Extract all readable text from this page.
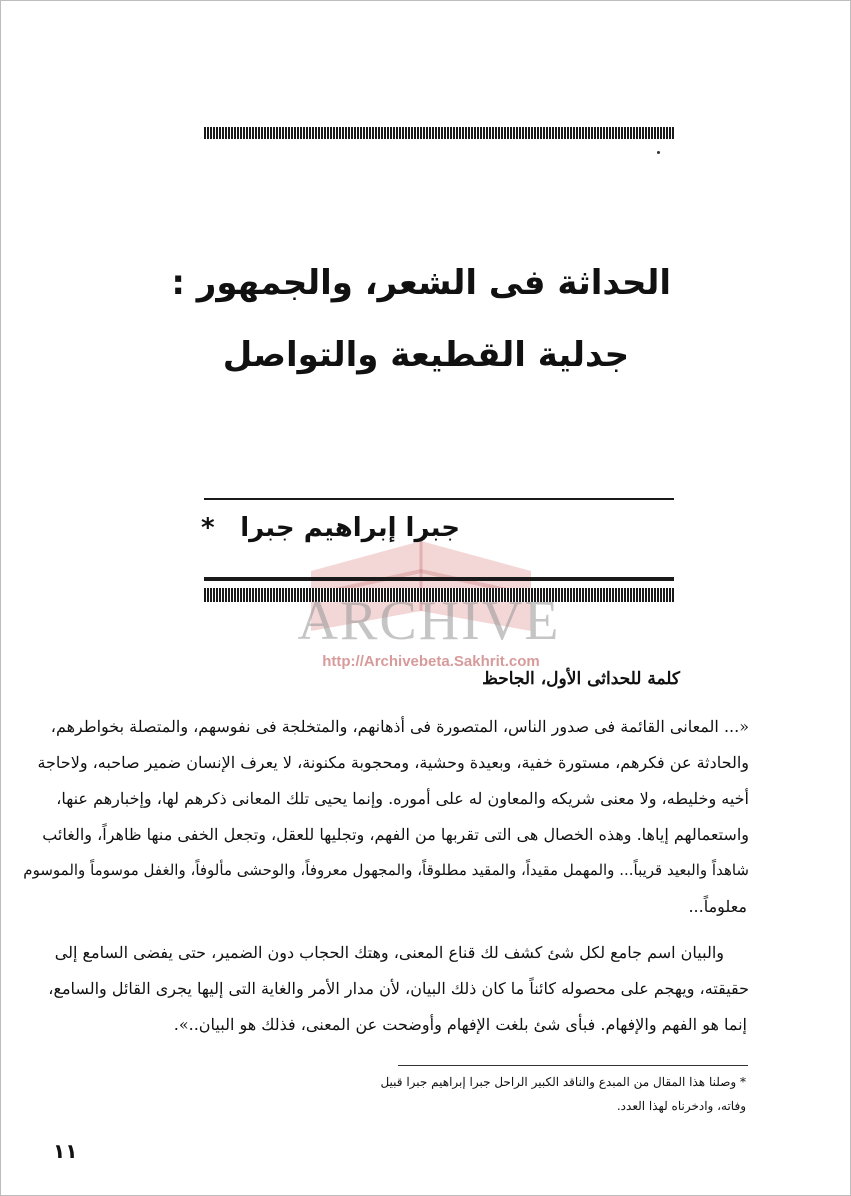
الحداثة فى الشعر، والجمهور :
جدلية القطيعة والتواصل
جبرا إبراهيم جبرا
*
ARCHIVE
http://Archivebeta.Sakhrit.com
كلمة للحداثى الأول، الجاحظ
«... المعانى القائمة فى صدور الناس، المتصورة فى أذهانهم، والمتخلجة فى نفوسهم، والمتصلة بخواطرهم،
والحادثة عن فكرهم، مستورة خفية، وبعيدة وحشية، ومحجوبة مكنونة، لا يعرف الإنسان ضمير صاحبه، ولاحاجة
أخيه وخليطه، ولا معنى شريكه والمعاون له على أموره. وإنما يحيى تلك المعانى ذكرهم لها، وإخبارهم عنها،
واستعمالهم إياها. وهذه الخصال هى التى تقربها من الفهم، وتجليها للعقل، وتجعل الخفى منها ظاهراً، والغائب
شاهداً والبعيد قريباً... والمهمل مقيداً، والمقيد مطلوقاً، والمجهول معروفاً، والوحشى مألوفاً، والغفل موسوماً والموسوم
معلوماً...
والبيان اسم جامع لكل شئ كشف لك قناع المعنى، وهتك الحجاب دون الضمير، حتى يفضى السامع إلى
حقيقته، ويهجم على محصوله كائناً ما كان ذلك البيان، لأن مدار الأمر والغاية التى إليها يجرى القائل والسامع،
إنما هو الفهم والإفهام. فبأى شئ بلغت الإفهام وأوضحت عن المعنى، فذلك هو البيان..».
* وصلنا هذا المقال من المبدع والناقد الكبير الراحل جبرا إبراهيم جبرا قبيل
وفاته، وادخرناه لهذا العدد.
١١
